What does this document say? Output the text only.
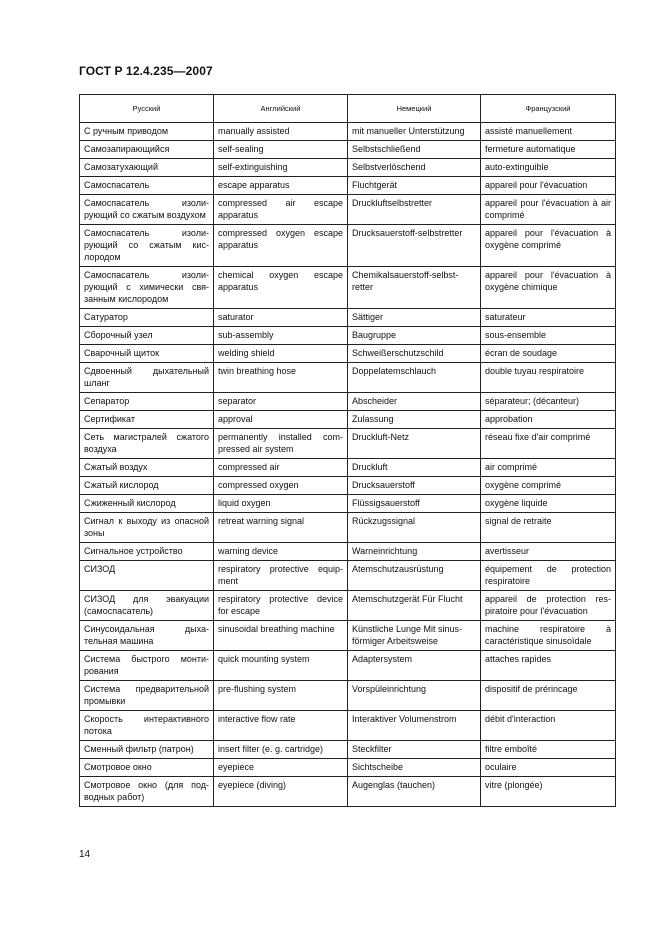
ГОСТ Р 12.4.235—2007
Русский	Английский	Немецкий	Французский
С ручным приводом	manually assisted	mit manueller Unterstützung	assisté manuellement
Самозапирающийся	self-sealing	Selbstschließend	fermeture automatique
Самозатухающий	self-extinguishing	Selbstverlöschend	auto-extinguible
Самоспасатель	escape apparatus	Fluchtgerät	appareil pour l'évacuation
Самоспасатель изолирующий со сжатым воздухом	compressed air escape apparatus	Druckluftselbstretter	appareil pour l'évacuation à air comprimé
Самоспасатель изолирующий со сжатым кислородом	compressed oxygen escape apparatus	Drucksauerstoff-selbstretter	appareil pour l'évacuation à oxygène comprimé
Самоспасатель изолирующий с химически связанным кислородом	chemical oxygen escape apparatus	Chemikalsauerstoff-selbstretter	appareil pour l'évacuation à oxygène chimique
Сатуратор	saturator	Sättiger	saturateur
Сборочный узел	sub-assembly	Baugruppe	sous-ensemble
Сварочный щиток	welding shield	Schweißerschutzschild	écran de soudage
Сдвоенный дыхательный шланг	twin breathing hose	Doppelatemschlauch	double tuyau respiratoire
Сепаратор	separator	Abscheider	séparateur; (décanteur)
Сертификат	approval	Zulassung	approbation
Сеть магистралей сжатого воздуха	permanently installed compressed air system	Druckluft-Netz	réseau fixe d'air comprimé
Сжатый воздух	compressed air	Druckluft	air comprimé
Сжатый кислород	compressed oxygen	Drucksauerstoff	oxygène comprimé
Сжиженный кислород	liquid oxygen	Flüssigsauerstoff	oxygène liquide
Сигнал к выходу из опасной зоны	retreat warning signal	Rückzugssignal	signal de retraite
Сигнальное устройство	warning device	Warneinrichtung	avertisseur
СИЗОД	respiratory protective equipment	Atemschutzausrüstung	équipement de protection respiratoire
СИЗОД для эвакуации (самоспасатель)	respiratory protective device for escape	Atemschutzgerät Für Flucht	appareil de protection respiratoire pour l'évacuation
Синусоидальная дыхательная машина	sinusoidal breathing machine	Künstliche Lunge Mit sinusförmiger Arbeitsweise	machine respiratoire à caractéristique sinusoïdale
Система быстрого монтирования	quick mounting system	Adaptersystem	attaches rapides
Система предварительной промывки	pre-flushing system	Vorspüleinrichtung	dispositif de prérincage
Скорость интерактивного потока	interactive flow rate	Interaktiver Volumenstrom	débit d'interaction
Сменный фильтр (патрон)	insert filter (e. g. cartridge)	Steckfilter	filtre emboîté
Смотровое окно	eyepiece	Sichtscheibe	oculaire
Смотровое окно (для подводных работ)	eyepiece (diving)	Augenglas (tauchen)	vitre (plongée)
14
